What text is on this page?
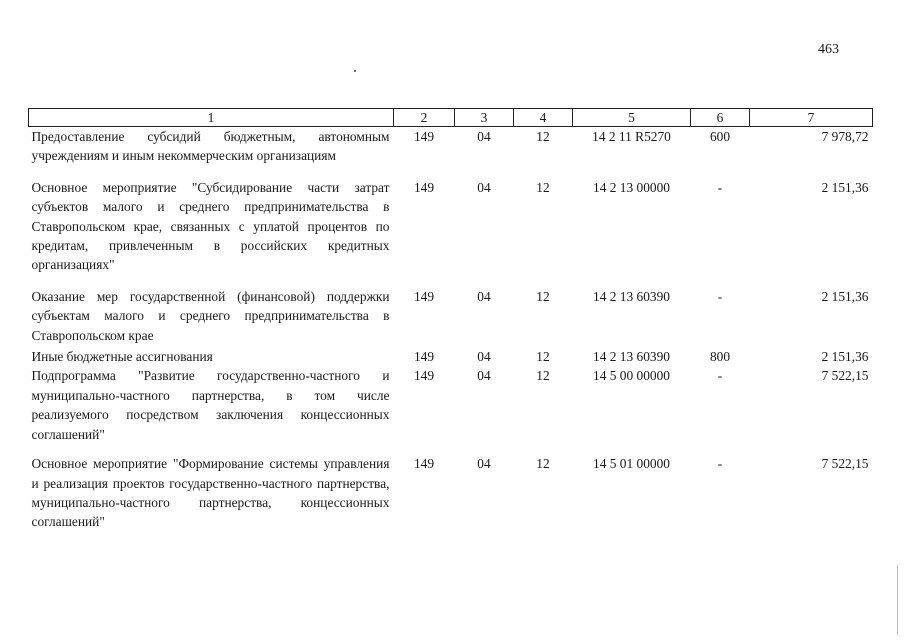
463
1	2	3	4	5	6	7
Предоставление субсидий бюджетным, автономным учреждениям и иным некоммерческим организациям	149	04	12	14 2 11 R5270	600	7 978,72
Основное мероприятие "Субсидирование части затрат субъектов малого и среднего предпринимательства в Ставропольском крае, связанных с уплатой процентов по кредитам, привлеченным в российских кредитных организациях"	149	04	12	14 2 13 00000	-	2 151,36
Оказание мер государственной (финансовой) поддержки субъектам малого и среднего предпринимательства в Ставропольском крае	149	04	12	14 2 13 60390	-	2 151,36
Иные бюджетные ассигнования	149	04	12	14 2 13 60390	800	2 151,36
Подпрограмма "Развитие государственно-частного и муниципально-частного партнерства, в том числе реализуемого посредством заключения концессионных соглашений"	149	04	12	14 5 00 00000	-	7 522,15
Основное мероприятие "Формирование системы управления и реализация проектов государственно-частного партнерства, муниципально-частного партнерства, концессионных соглашений"	149	04	12	14 5 01 00000	-	7 522,15
